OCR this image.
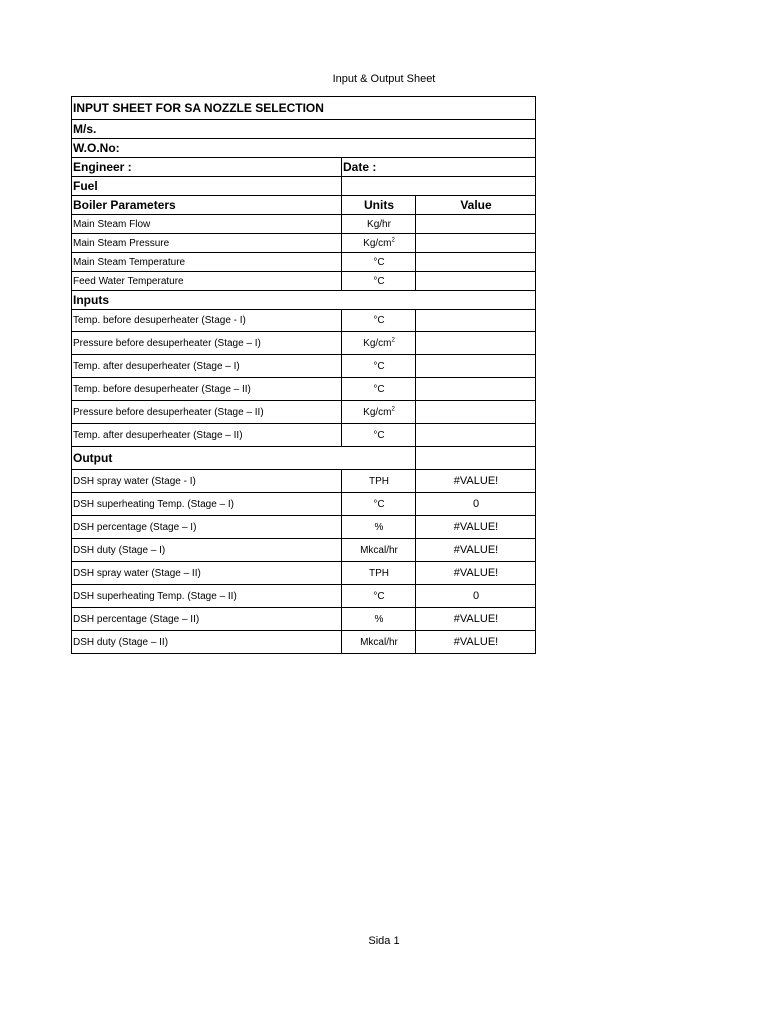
Input & Output Sheet
INPUT SHEET FOR SA NOZZLE SELECTION		
M/s.		
W.O.No:		
Engineer :	Date :	
Fuel		
Boiler Parameters	Units	Value
Main Steam Flow	Kg/hr	
Main Steam Pressure	$Kg/cm^2$	
Main Steam Temperature	°C	
Feed Water Temperature	°C	
Inputs		
Temp. before desuperheater (Stage - I)	°C	
Pressure before desuperheater (Stage – I)	$Kg/cm^2$	
Temp. after desuperheater (Stage – I)	°C	
Temp. before desuperheater (Stage – II)	°C	
Pressure before desuperheater (Stage – II)	$Kg/cm^2$	
Temp. after desuperheater (Stage – II)	°C	
Output		
DSH spray water (Stage - I)	TPH	#VALUE!
DSH superheating Temp. (Stage – I)	°C	0
DSH percentage (Stage – I)	%	#VALUE!
DSH duty (Stage – I)	Mkcal/hr	#VALUE!
DSH spray water (Stage – II)	TPH	#VALUE!
DSH superheating Temp. (Stage – II)	°C	0
DSH percentage (Stage – II)	%	#VALUE!
DSH duty (Stage – II)	Mkcal/hr	#VALUE!
Sida 1
